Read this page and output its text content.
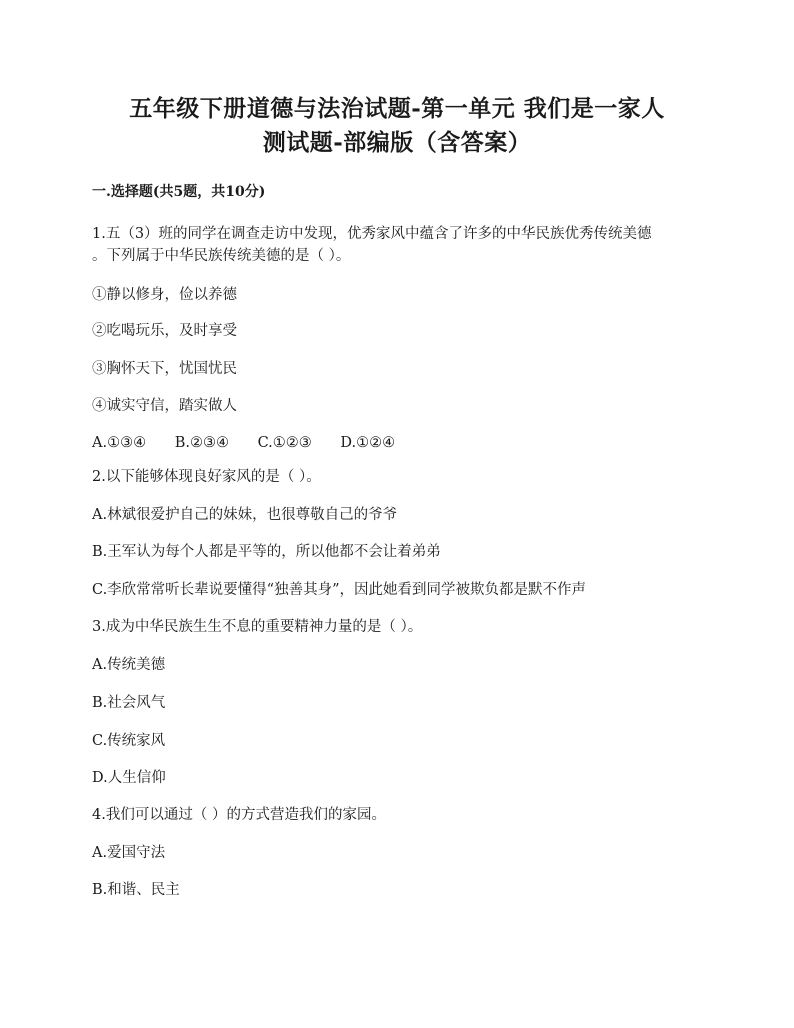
五年级下册道德与法治试题-第一单元 我们是一家人
测试题-部编版（含答案）
一.选择题(共5题，共10分)
1.五（3）班的同学在调查走访中发现，优秀家风中蕴含了许多的中华民族优秀传统美德
。下列属于中华民族传统美德的是（ ）。
①静以修身，俭以养德
②吃喝玩乐，及时享受
③胸怀天下，忧国忧民
④诚实守信，踏实做人
A.①③④ B.②③④ C.①②③ D.①②④
2.以下能够体现良好家风的是（ ）。
A.林斌很爱护自己的妹妹，也很尊敬自己的爷爷
B.王军认为每个人都是平等的，所以他都不会让着弟弟
C.李欣常常听长辈说要懂得“独善其身”，因此她看到同学被欺负都是默不作声
3.成为中华民族生生不息的重要精神力量的是（ ）。
A.传统美德
B.社会风气
C.传统家风
D.人生信仰
4.我们可以通过（ ）的方式营造我们的家园。
A.爱国守法
B.和谐、民主
